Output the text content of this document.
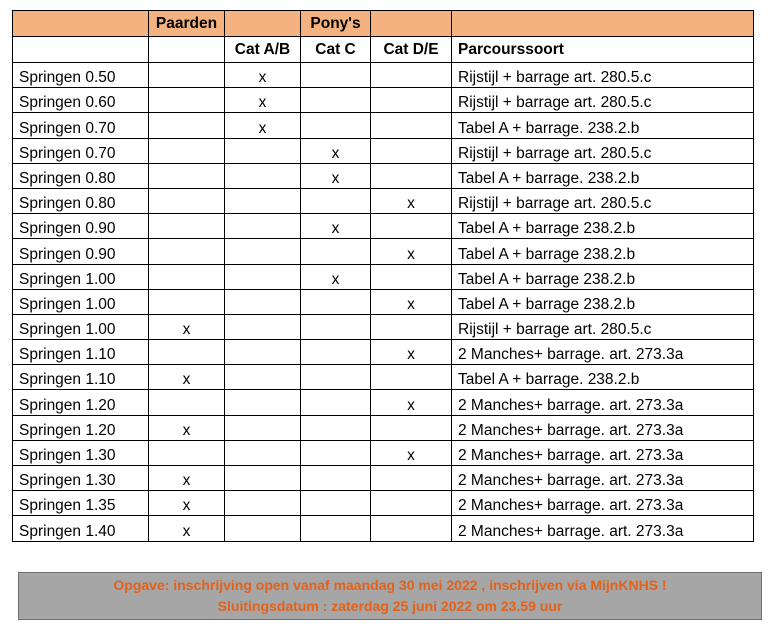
	Paarden		Pony's		
		Cat A/B	Cat C	Cat D/E	Parcourssoort
Springen 0.50		x			Rijstijl + barrage art. 280.5.c
Springen 0.60		x			Rijstijl + barrage art. 280.5.c
Springen 0.70		x			Tabel A + barrage. 238.2.b
Springen 0.70			x		Rijstijl + barrage art. 280.5.c
Springen 0.80			x		Tabel A + barrage. 238.2.b
Springen 0.80				x	Rijstijl + barrage art. 280.5.c
Springen 0.90			x		Tabel A + barrage 238.2.b
Springen 0.90				x	Tabel A + barrage 238.2.b
Springen 1.00			x		Tabel A + barrage 238.2.b
Springen 1.00				x	Tabel A + barrage 238.2.b
Springen 1.00	x				Rijstijl + barrage art. 280.5.c
Springen 1.10				x	2 Manches+ barrage. art. 273.3a
Springen 1.10	x				Tabel A + barrage. 238.2.b
Springen 1.20				x	2 Manches+ barrage. art. 273.3a
Springen 1.20	x				2 Manches+ barrage. art. 273.3a
Springen 1.30				x	2 Manches+ barrage. art. 273.3a
Springen 1.30	x				2 Manches+ barrage. art. 273.3a
Springen 1.35	x				2 Manches+ barrage. art. 273.3a
Springen 1.40	x				2 Manches+ barrage. art. 273.3a
Opgave: inschrijving open vanaf maandag 30 mei 2022 , inschrijven via MijnKNHS !
Sluitingsdatum : zaterdag 25 juni 2022 om 23.59 uur
